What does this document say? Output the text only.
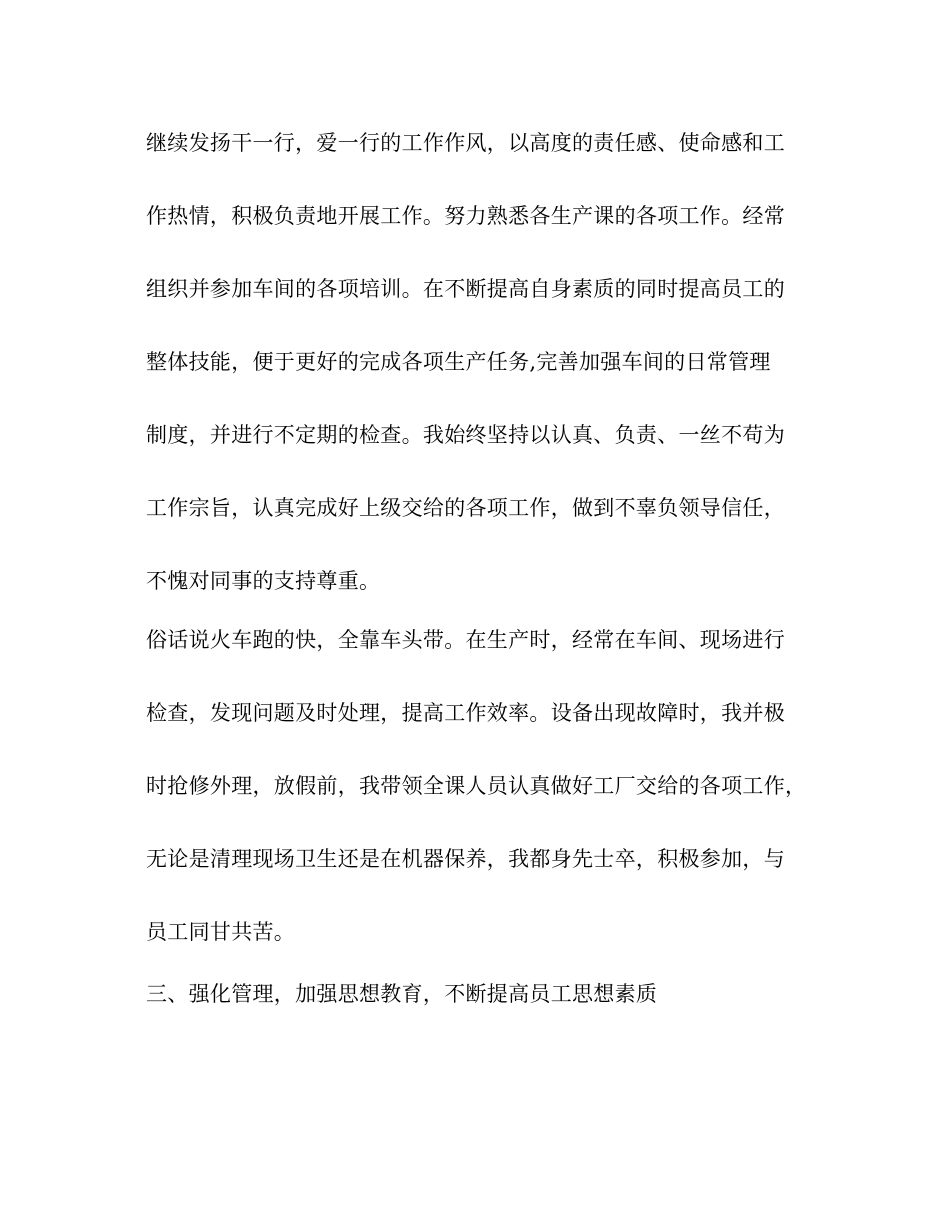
继续发扬干一行，爱一行的工作作风，以高度的责任感、使命感和工
作热情，积极负责地开展工作。努力熟悉各生产课的各项工作。经常
组织并参加车间的各项培训。在不断提高自身素质的同时提高员工的
整体技能，便于更好的完成各项生产任务,完善加强车间的日常管理
制度，并进行不定期的检查。我始终坚持以认真、负责、一丝不苟为
工作宗旨，认真完成好上级交给的各项工作，做到不辜负领导信任，
不愧对同事的支持尊重。
俗话说火车跑的快，全靠车头带。在生产时，经常在车间、现场进行
检查，发现问题及时处理，提高工作效率。设备出现故障时，我并极
时抢修外理，放假前，我带领全课人员认真做好工厂交给的各项工作，
无论是清理现场卫生还是在机器保养，我都身先士卒，积极参加，与
员工同甘共苦。
三、强化管理，加强思想教育，不断提高员工思想素质
